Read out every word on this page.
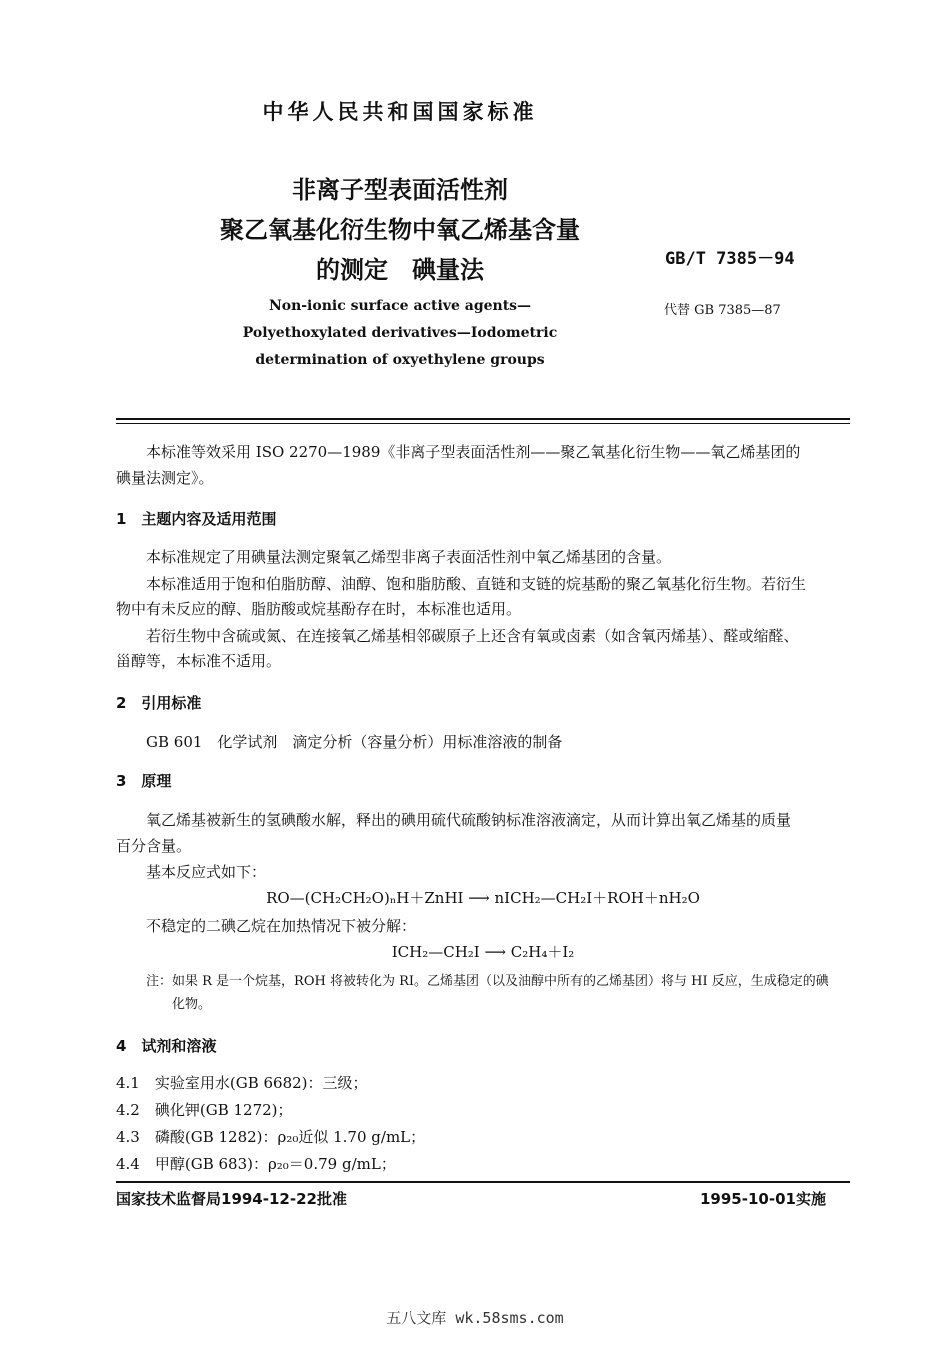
中华人民共和国国家标准
非离子型表面活性剂
聚乙氧基化衍生物中氧乙烯基含量
的测定　碘量法	GB/T 7385－94
代替 GB 7385—87
Non-ionic surface active agents—
Polyethoxylated derivatives—Iodometric
determination of oxyethylene groups
本标准等效采用 ISO 2270—1989《非离子型表面活性剂——聚乙氧基化衍生物——氧乙烯基团的
碘量法测定》。
1　主题内容及适用范围
本标准规定了用碘量法测定聚氧乙烯型非离子表面活性剂中氧乙烯基团的含量。
本标准适用于饱和伯脂肪醇、油醇、饱和脂肪酸、直链和支链的烷基酚的聚乙氧基化衍生物。若衍生
物中有未反应的醇、脂肪酸或烷基酚存在时，本标准也适用。
若衍生物中含硫或氮、在连接氧乙烯基相邻碳原子上还含有氧或卤素（如含氧丙烯基）、醛或缩醛、
甾醇等，本标准不适用。
2　引用标准
GB 601　化学试剂　滴定分析（容量分析）用标准溶液的制备
3　原理
氧乙烯基被新生的氢碘酸水解，释出的碘用硫代硫酸钠标准溶液滴定，从而计算出氧乙烯基的质量
百分含量。
基本反应式如下：
RO—(CH₂CH₂O)ₙH＋ZnHI ⟶ nICH₂—CH₂I＋ROH＋nH₂O
不稳定的二碘乙烷在加热情况下被分解：
ICH₂—CH₂I ⟶ C₂H₄＋I₂
注：如果 R 是一个烷基，ROH 将被转化为 RI。乙烯基团（以及油醇中所有的乙烯基团）将与 HI 反应，生成稳定的碘
化物。
4　试剂和溶液
4.1　实验室用水(GB 6682)：三级；
4.2　碘化钾(GB 1272)；
4.3　磷酸(GB 1282)：ρ₂₀近似 1.70 g/mL；
4.4　甲醇(GB 683)：ρ₂₀＝0.79 g/mL；
国家技术监督局1994-12-22批准	1995-10-01实施
五八文库 wk.58sms.com
